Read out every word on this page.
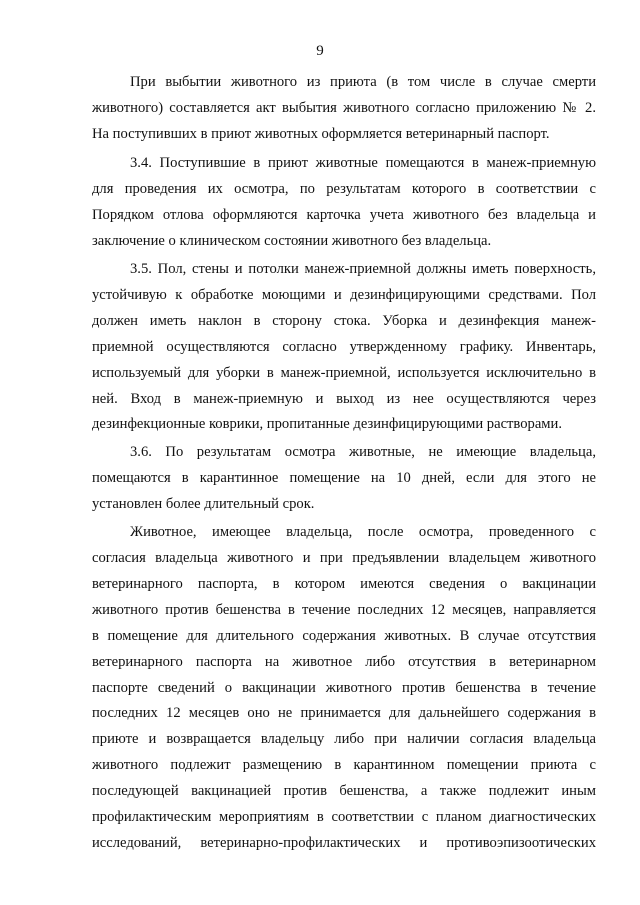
9
При выбытии животного из приюта (в том числе в случае смерти
животного) составляется акт выбытия животного согласно приложению № 2.
На поступивших в приют животных оформляется ветеринарный паспорт.
3.4. Поступившие в приют животные помещаются в манеж-приемную
для проведения их осмотра, по результатам которого в соответствии с
Порядком отлова оформляются карточка учета животного без владельца и
заключение о клиническом состоянии животного без владельца.
3.5. Пол, стены и потолки манеж-приемной должны иметь поверхность,
устойчивую к обработке моющими и дезинфицирующими средствами. Пол
должен иметь наклон в сторону стока. Уборка и дезинфекция манеж-
приемной осуществляются согласно утвержденному графику. Инвентарь,
используемый для уборки в манеж-приемной, используется исключительно в
ней. Вход в манеж-приемную и выход из нее осуществляются через
дезинфекционные коврики, пропитанные дезинфицирующими растворами.
3.6. По результатам осмотра животные, не имеющие владельца,
помещаются в карантинное помещение на 10 дней, если для этого не
установлен более длительный срок.
Животное, имеющее владельца, после осмотра, проведенного с
согласия владельца животного и при предъявлении владельцем животного
ветеринарного паспорта, в котором имеются сведения о вакцинации
животного против бешенства в течение последних 12 месяцев, направляется
в помещение для длительного содержания животных. В случае отсутствия
ветеринарного паспорта на животное либо отсутствия в ветеринарном
паспорте сведений о вакцинации животного против бешенства в течение
последних 12 месяцев оно не принимается для дальнейшего содержания в
приюте и возвращается владельцу либо при наличии согласия владельца
животного подлежит размещению в карантинном помещении приюта с
последующей вакцинацией против бешенства, а также подлежит иным
профилактическим мероприятиям в соответствии с планом диагностических
исследований, ветеринарно-профилактических и противоэпизоотических
